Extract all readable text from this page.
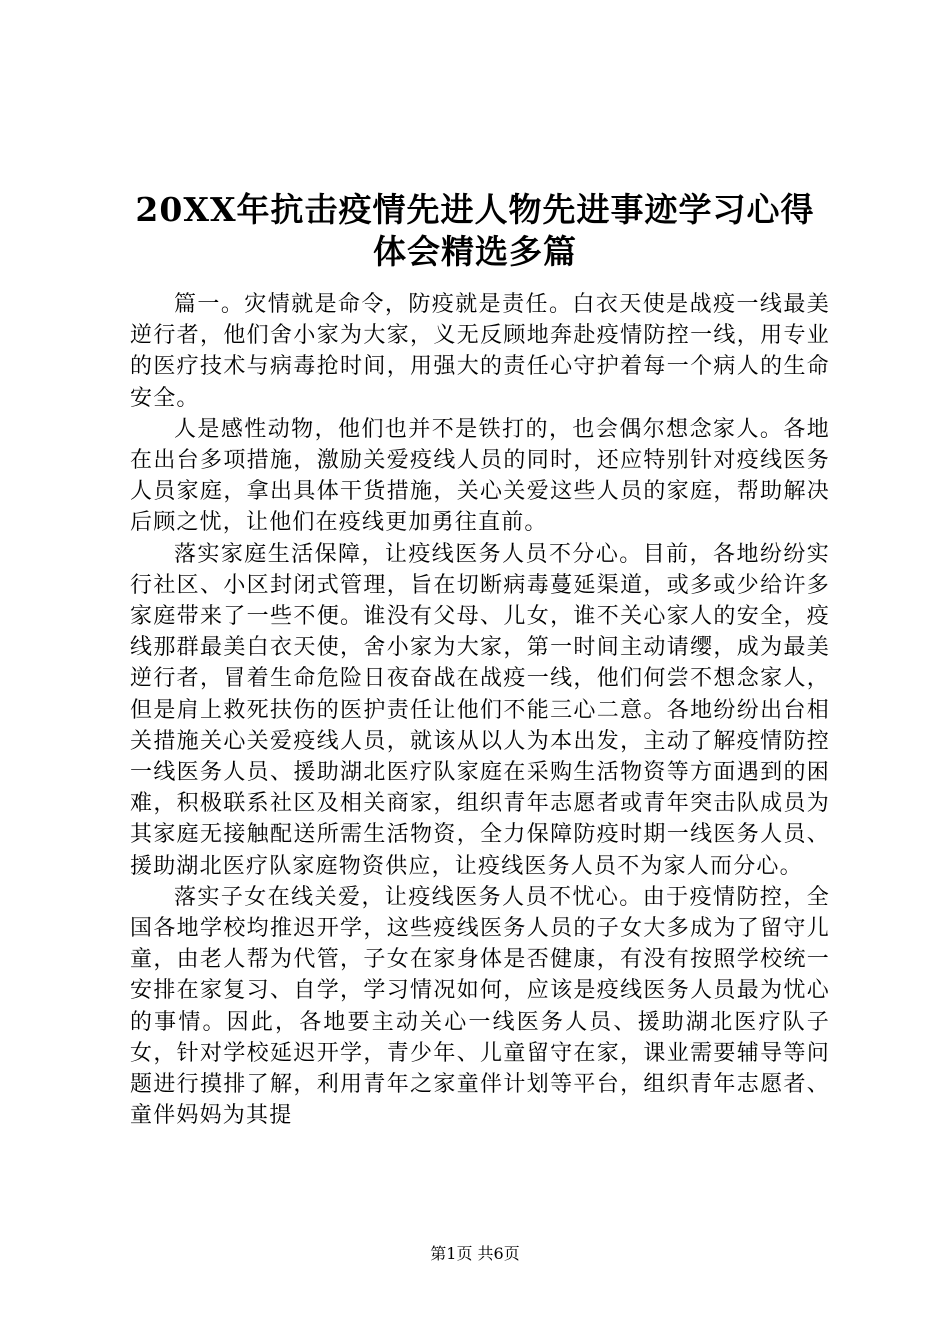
20XX年抗击疫情先进人物先进事迹学习心得
体会精选多篇

篇一。灾情就是命令，防疫就是责任。白衣天使是战疫一线最美逆行者，他们舍小家为大家，义无反顾地奔赴疫情防控一线，用专业的医疗技术与病毒抢时间，用强大的责任心守护着每一个病人的生命安全。

人是感性动物，他们也并不是铁打的，也会偶尔想念家人。各地在出台多项措施，激励关爱疫线人员的同时，还应特别针对疫线医务人员家庭，拿出具体干货措施，关心关爱这些人员的家庭，帮助解决后顾之忧，让他们在疫线更加勇往直前。

落实家庭生活保障，让疫线医务人员不分心。目前，各地纷纷实行社区、小区封闭式管理，旨在切断病毒蔓延渠道，或多或少给许多家庭带来了一些不便。谁没有父母、儿女，谁不关心家人的安全，疫线那群最美白衣天使，舍小家为大家，第一时间主动请缨，成为最美逆行者，冒着生命危险日夜奋战在战疫一线，他们何尝不想念家人，但是肩上救死扶伤的医护责任让他们不能三心二意。各地纷纷出台相关措施关心关爱疫线人员，就该从以人为本出发，主动了解疫情防控一线医务人员、援助湖北医疗队家庭在采购生活物资等方面遇到的困难，积极联系社区及相关商家，组织青年志愿者或青年突击队成员为其家庭无接触配送所需生活物资，全力保障防疫时期一线医务人员、援助湖北医疗队家庭物资供应，让疫线医务人员不为家人而分心。

落实子女在线关爱，让疫线医务人员不忧心。由于疫情防控，全国各地学校均推迟开学，这些疫线医务人员的子女大多成为了留守儿童，由老人帮为代管，子女在家身体是否健康，有没有按照学校统一安排在家复习、自学，学习情况如何，应该是疫线医务人员最为忧心的事情。因此，各地要主动关心一线医务人员、援助湖北医疗队子女，针对学校延迟开学，青少年、儿童留守在家，课业需要辅导等问题进行摸排了解，利用青年之家童伴计划等平台，组织青年志愿者、童伴妈妈为其提

第1页 共6页
